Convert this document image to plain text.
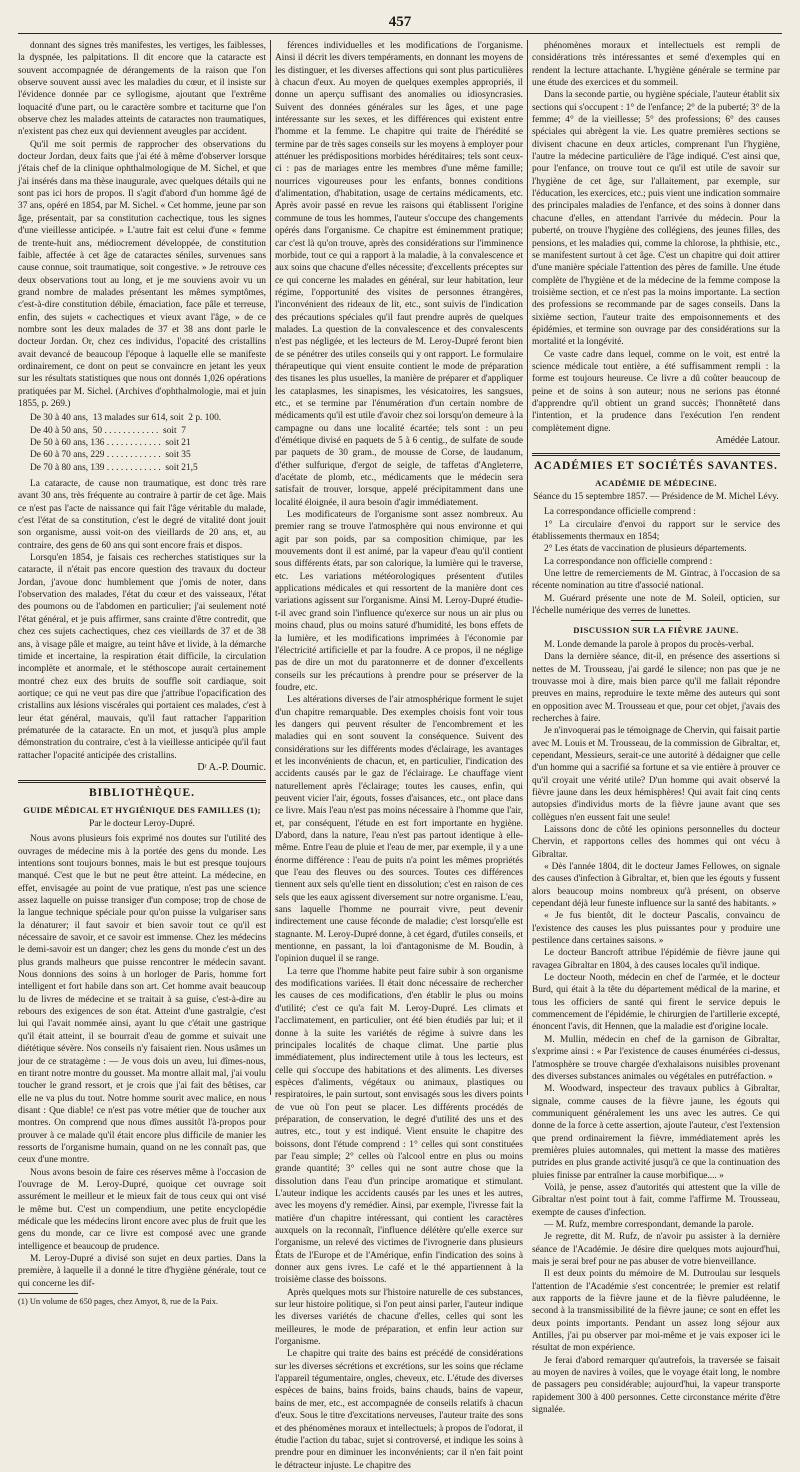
457

donnant des signes très manifestes, les vertiges, les faiblesses, la dyspnée, les palpitations. Il dit encore que la cataracte est souvent accompagnée de dérangements de la raison que l'on observe souvent aussi avec les maladies du cœur, et il insiste sur l'évidence donnée par ce syllogisme, ajoutant que l'extrême loquacité d'une part, ou le caractère sombre et taciturne que l'on observe chez les malades atteints de cataractes non traumatiques, n'existent pas chez eux qui deviennent aveugles par accident.

Qu'il me soit permis de rapprocher des observations du docteur Jordan, deux faits que j'ai été à même d'observer lorsque j'étais chef de la clinique ophthalmologique de M. Sichel, et que j'ai insérés dans ma thèse inaugurale, avec quelques détails qui ne sont pas ici hors de propos. Il s'agit d'abord d'un homme âgé de 37 ans, opéré en 1854, par M. Sichel. « Cet homme, jeune par son âge, présentait, par sa constitution cachectique, tous les signes d'une vieillesse anticipée. » L'autre fait est celui d'une « femme de trente-huit ans, médiocrement développée, de constitution faible, affectée à cet âge de cataractes séniles, survenues sans cause connue, soit traumatique, soit congestive. » Je retrouve ces deux observations tout au long, et je me souviens avoir vu un grand nombre de malades présentant les mêmes symptômes, c'est-à-dire constitution débile, émaciation, face pâle et terreuse, enfin, des sujets « cachectiques et vieux avant l'âge, » de ce nombre sont les deux malades de 37 et 38 ans dont parle le docteur Jordan. Or, chez ces individus, l'opacité des cristallins avait devancé de beaucoup l'époque à laquelle elle se manifeste ordinairement, ce dont on peut se convaincre en jetant les yeux sur les résultats statistiques que nous ont donnés 1,026 opérations pratiquées par M. Sichel. (Archives d'ophthalmologie, mai et juin 1855, p. 269.)

De 30 à 40 ans,  13 malades sur 614, soit  2 p. 100.
De 40 à 50 ans,  50 . . . . . . . . . . . .  soit  7
De 50 à 60 ans, 136 . . . . . . . . . . . .  soit 21
De 60 à 70 ans, 229 . . . . . . . . . . . .  soit 35
De 70 à 80 ans, 139 . . . . . . . . . . . .  soit 21,5

La cataracte, de cause non traumatique, est donc très rare avant 30 ans, très fréquente au contraire à partir de cet âge. Mais ce n'est pas l'acte de naissance qui fait l'âge véritable du malade, c'est l'état de sa constitution, c'est le degré de vitalité dont jouit son organisme, aussi voit-on des vieillards de 20 ans, et, au contraire, des gens de 60 ans qui sont encore frais et dispos.

Lorsqu'en 1854, je faisais ces recherches statistiques sur la cataracte, il n'était pas encore question des travaux du docteur Jordan, j'avoue donc humblement que j'omis de noter, dans l'observation des malades, l'état du cœur et des vaisseaux, l'état des poumons ou de l'abdomen en particulier; j'ai seulement noté l'état général, et je puis affirmer, sans crainte d'être contredit, que chez ces sujets cachectiques, chez ces vieillards de 37 et de 38 ans, à visage pâle et maigre, au teint hâve et livide, à la démarche timide et incertaine, la respiration était difficile, la circulation incomplète et anormale, et le stéthoscope aurait certainement montré chez eux des bruits de souffle soit cardiaque, soit aortique; ce qui ne veut pas dire que j'attribue l'opacification des cristallins aux lésions viscérales qui portaient ces malades, c'est à leur état général, mauvais, qu'il faut rattacher l'apparition prématurée de la cataracte. En un mot, et jusqu'à plus ample démonstration du contraire, c'est à la vieillesse anticipée qu'il faut rattacher l'opacité anticipée des cristallins.

Dʳ A.-P. Doumic.

BIBLIOTHÈQUE.
GUIDE MÉDICAL ET HYGIÉNIQUE DES FAMILLES (1);
Par le docteur Leroy-Dupré.

Nous avons plusieurs fois exprimé nos doutes sur l'utilité des ouvrages de médecine mis à la portée des gens du monde. Les intentions sont toujours bonnes, mais le but est presque toujours manqué. C'est que le but ne peut être atteint. La médecine, en effet, envisagée au point de vue pratique, n'est pas une science assez laquelle on puisse transiger d'un compose; trop de chose de la langue technique spéciale pour qu'on puisse la vulgariser sans la dénaturer; il faut savoir et bien savoir tout ce qu'il est nécessaire de savoir, et ce savoir est immense. Chez les médecins le demi-savoir est un danger; chez les gens du monde c'est un des plus grands malheurs que puisse rencontrer le médecin savant. Nous donnions des soins à un horloger de Paris, homme fort intelligent et fort habile dans son art. Cet homme avait beaucoup lu de livres de médecine et se traitait à sa guise, c'est-à-dire au rebours des exigences de son état. Atteint d'une gastralgie, c'est lui qui l'avait nommée ainsi, ayant lu que c'était une gastrique qu'il était atteint, il se bourrait d'eau de gomme et suivait une diététique sévère. Nos conseils n'y faisaient rien. Nous usâmes un jour de ce stratagème : — Je vous dois un aveu, lui dîmes-nous, en tirant notre montre du gousset. Ma montre allait mal, j'ai voulu toucher le grand ressort, et je crois que j'ai fait des bêtises, car elle ne va plus du tout. Notre homme sourit avec malice, en nous disant : Que diable! ce n'est pas votre métier que de toucher aux montres. On comprend que nous dîmes aussitôt l'à-propos pour prouver à ce malade qu'il était encore plus difficile de manier les ressorts de l'organisme humain, quand on ne les connaît pas, que ceux d'une montre.

Nous avons besoin de faire ces réserves même à l'occasion de l'ouvrage de M. Leroy-Dupré, quoique cet ouvrage soit assurément le meilleur et le mieux fait de tous ceux qui ont visé le même but. C'est un compendium, une petite encyclopédie médicale que les médecins liront encore avec plus de fruit que les gens du monde, car ce livre est composé avec une grande intelligence et beaucoup de prudence.

M. Leroy-Dupré a divisé son sujet en deux parties. Dans la première, à laquelle il a donné le titre d'hygiène générale, tout ce qui concerne les dif-

(1) Un volume de 650 pages, chez Amyot, 8, rue de la Paix.

férences individuelles et les modifications de l'organisme. Ainsi il décrit les divers tempéraments, en donnant les moyens de les distinguer, et les diverses affections qui sont plus particulières à chacun d'eux. Au moyen de quelques exemples appropriés, il donne un aperçu suffisant des anomalies ou idiosyncrasies. Suivent des données générales sur les âges, et une page intéressante sur les sexes, et les différences qui existent entre l'homme et la femme. Le chapitre qui traite de l'hérédité se termine par de très sages conseils sur les moyens à employer pour atténuer les prédispositions morbides héréditaires; tels sont ceux-ci : pas de mariages entre les membres d'une même famille; nourrices vigoureuses pour les enfants, bonnes conditions d'alimentation, d'habitation, usage de certains médicaments, etc. Après avoir passé en revue les raisons qui établissent l'origine commune de tous les hommes, l'auteur s'occupe des changements opérés dans l'organisme. Ce chapitre est éminemment pratique; car c'est là qu'on trouve, après des considérations sur l'imminence morbide, tout ce qui a rapport à la maladie, à la convalescence et aux soins que chacune d'elles nécessite; d'excellents préceptes sur ce qui concerne les malades en général, sur leur habitation, leur régime, l'opportunité des visites de personnes étrangères, l'inconvénient des rideaux de lit, etc., sont suivis de l'indication des précautions spéciales qu'il faut prendre auprès de quelques malades. La question de la convalescence et des convalescents n'est pas négligée, et les lecteurs de M. Leroy-Dupré feront bien de se pénétrer des utiles conseils qui y ont rapport. Le formulaire thérapeutique qui vient ensuite contient le mode de préparation des tisanes les plus usuelles, la manière de préparer et d'appliquer les cataplasmes, les sinapismes, les vésicatoires, les sangsues, etc., et se termine par l'énumération d'un certain nombre de médicaments qu'il est utile d'avoir chez soi lorsqu'on demeure à la campagne ou dans une localité écartée; tels sont : un peu d'émétique divisé en paquets de 5 à 6 centig., de sulfate de soude par paquets de 30 gram., de mousse de Corse, de laudanum, d'éther sulfurique, d'ergot de seigle, de taffetas d'Angleterre, d'acétate de plomb, etc., médicaments que le médecin sera satisfait de trouver, lorsque, appelé précipitamment dans une localité éloignée, il aura besoin d'agir immédiatement.

Les modificateurs de l'organisme sont assez nombreux. Au premier rang se trouve l'atmosphère qui nous environne et qui agit par son poids, par sa composition chimique, par les mouvements dont il est animé, par la vapeur d'eau qu'il contient sous différents états, par son calorique, la lumière qui le traverse, etc. Les variations météorologiques présentent d'utiles applications médicales et qui ressortent de la manière dont ces variations agissent sur l'organisme. Ainsi M. Leroy-Dupré étudie-t-il avec grand soin l'influence qu'exerce sur nous un air plus ou moins chaud, plus ou moins saturé d'humidité, les bons effets de la lumière, et les modifications imprimées à l'économie par l'électricité artificielle et par la foudre. A ce propos, il ne néglige pas de dire un mot du paratonnerre et de donner d'excellents conseils sur les précautions à prendre pour se préserver de la foudre, etc.

Les altérations diverses de l'air atmosphérique forment le sujet d'un chapitre remarquable. Des exemples choisis font voir tous les dangers qui peuvent résulter de l'encombrement et les maladies qui en sont souvent la conséquence. Suivent des considérations sur les différents modes d'éclairage, les avantages et les inconvénients de chacun, et, en particulier, l'indication des accidents causés par le gaz de l'éclairage. Le chauffage vient naturellement après l'éclairage; toutes les causes, enfin, qui peuvent vicier l'air, égouts, fosses d'aisances, etc., ont place dans ce livre. Mais l'eau n'est pas moins nécessaire à l'homme que l'air, et, par conséquent, l'étude en est fort importante en hygiène. D'abord, dans la nature, l'eau n'est pas partout identique à elle-même. Entre l'eau de pluie et l'eau de mer, par exemple, il y a une énorme différence : l'eau de puits n'a point les mêmes propriétés que l'eau des fleuves ou des sources. Toutes ces différences tiennent aux sels qu'elle tient en dissolution; c'est en raison de ces sels que les eaux agissent diversement sur notre organisme. L'eau, sans laquelle l'homme ne pourrait vivre, peut devenir indirectement une cause féconde de maladie; c'est lorsqu'elle est stagnante. M. Leroy-Dupré donne, à cet égard, d'utiles conseils, et mentionne, en passant, la loi d'antagonisme de M. Boudin, à l'opinion duquel il se range.

La terre que l'homme habite peut faire subir à son organisme des modifications variées. Il était donc nécessaire de rechercher les causes de ces modifications, d'en établir le plus ou moins d'utilité; c'est ce qu'a fait M. Leroy-Dupré. Les climats et l'acclimatement, en particulier, ont été bien étudiés par lui; et il donne à la suite les variétés de régime à suivre dans les principales localités de chaque climat. Une partie plus immédiatement, plus indirectement utile à tous les lecteurs, est celle qui s'occupe des habitations et des aliments. Les diverses espèces d'aliments, végétaux ou animaux, plastiques ou respiratoires, le pain surtout, sont envisagés sous les divers points de vue où l'on peut se placer. Les différents procédés de préparation, de conservation, le degré d'utilité des uns et des autres, etc., tout y est indiqué. Vient ensuite le chapitre des boissons, dont l'étude comprend : 1° celles qui sont constituées par l'eau simple; 2° celles où l'alcool entre en plus ou moins grande quantité; 3° celles qui ne sont autre chose que la dissolution dans l'eau d'un principe aromatique et stimulant. L'auteur indique les accidents causés par les unes et les autres, avec les moyens d'y remédier. Ainsi, par exemple, l'ivresse fait la matière d'un chapitre intéressant, qui contient les caractères auxquels on la reconnaît, l'influence délétère qu'elle exerce sur l'organisme, un relevé des victimes de l'ivrognerie dans plusieurs États de l'Europe et de l'Amérique, enfin l'indication des soins à donner aux gens ivres. Le café et le thé appartiennent à la troisième classe des boissons.

Après quelques mots sur l'histoire naturelle de ces substances, sur leur histoire politique, si l'on peut ainsi parler, l'auteur indique les diverses variétés de chacune d'elles, celles qui sont les meilleures, le mode de préparation, et enfin leur action sur l'organisme.

Le chapitre qui traite des bains est précédé de considérations sur les diverses sécrétions et excrétions, sur les soins que réclame l'appareil tégumentaire, ongles, cheveux, etc. L'étude des diverses espèces de bains, bains froids, bains chauds, bains de vapeur, bains de mer, etc., est accompagnée de conseils relatifs à chacun d'eux. Sous le titre d'excitations nerveuses, l'auteur traite des sons et des phénomènes moraux et intellectuels; à propos de l'odorat, il étudie l'action du tabac, sujet si controversé, et indique les soins à prendre pour en diminuer les inconvénients; car il n'en fait point le détracteur injuste. Le chapitre des

phénomènes moraux et intellectuels est rempli de considérations très intéressantes et semé d'exemples qui en rendent la lecture attachante. L'hygiène générale se termine par une étude des exercices et du sommeil.

Dans la seconde partie, ou hygiène spéciale, l'auteur établit six sections qui s'occupent : 1° de l'enfance; 2° de la puberté; 3° de la femme; 4° de la vieillesse; 5° des professions; 6° des causes spéciales qui abrègent la vie. Les quatre premières sections se divisent chacune en deux articles, comprenant l'un l'hygiène, l'autre la médecine particulière de l'âge indiqué. C'est ainsi que, pour l'enfance, on trouve tout ce qu'il est utile de savoir sur l'hygiène de cet âge, sur l'allaitement, par exemple, sur l'éducation, les exercices, etc.; puis vient une indication sommaire des principales maladies de l'enfance, et des soins à donner dans chacune d'elles, en attendant l'arrivée du médecin. Pour la puberté, on trouve l'hygiène des collégiens, des jeunes filles, des pensions, et les maladies qui, comme la chlorose, la phthisie, etc., se manifestent surtout à cet âge. C'est un chapitre qui doit attirer d'une manière spéciale l'attention des pères de famille. Une étude complète de l'hygiène et de la médecine de la femme compose la troisième section, et ce n'est pas la moins importante. La section des professions se recommande par de sages conseils. Dans la sixième section, l'auteur traite des empoisonnements et des épidémies, et termine son ouvrage par des considérations sur la mortalité et la longévité.

Ce vaste cadre dans lequel, comme on le voit, est entré la science médicale tout entière, a été suffisamment rempli : la forme est toujours heureuse. Ce livre a dû coûter beaucoup de peine et de soins à son auteur; nous ne serions pas étonné d'apprendre qu'il obtient un grand succès; l'honnêteté dans l'intention, et la prudence dans l'exécution l'en rendent complètement digne.

Amédée Latour.

ACADÉMIES ET SOCIÉTÉS SAVANTES.
ACADÉMIE DE MÉDECINE.
Séance du 15 septembre 1857. — Présidence de M. Michel Lévy.

La correspondance officielle comprend :

1° La circulaire d'envoi du rapport sur le service des établissements thermaux en 1854;

2° Les états de vaccination de plusieurs départements.

La correspondance non officielle comprend :

Une lettre de remerciements de M. Gintrac, à l'occasion de sa récente nomination au titre d'associé national.

M. Guérard présente une note de M. Soleil, opticien, sur l'échelle numérique des verres de lunettes.

DISCUSSION SUR LA FIÈVRE JAUNE.

M. Londe demande la parole à propos du procès-verbal.

Dans la dernière séance, dit-il, en présence des assertions si nettes de M. Trousseau, j'ai gardé le silence; non pas que je ne trouvasse moi à dire, mais bien parce qu'il me fallait répondre preuves en mains, reproduire le texte même des auteurs qui sont en opposition avec M. Trousseau et que, pour cet objet, j'avais des recherches à faire.

Je n'invoquerai pas le témoignage de Chervin, qui faisait partie avec M. Louis et M. Trousseau, de la commission de Gibraltar, et, cependant, Messieurs, serait-ce une autorité à dédaigner que celle d'un homme qui a sacrifié sa fortune et sa vie entière à prouver ce qu'il croyait une vérité utile? D'un homme qui avait observé la fièvre jaune dans les deux hémisphères! Qui avait fait cinq cents autopsies d'individus morts de la fièvre jaune avant que ses collègues n'en eussent fait une seule!

Laissons donc de côté les opinions personnelles du docteur Chervin, et rapportons celles des hommes qui ont vécu à Gibraltar.

« Dès l'année 1804, dit le docteur James Fellowes, on signale des causes d'infection à Gibraltar, et, bien que les égouts y fussent alors beaucoup moins nombreux qu'à présent, on observe cependant déjà leur funeste influence sur la santé des habitants. »

« Je fus bientôt, dit le docteur Pascalis, convaincu de l'existence des causes les plus puissantes pour y produire une pestilence dans certaines saisons. »

Le docteur Bancroft attribue l'épidémie de fièvre jaune qui ravagea Gibraltar en 1804, à des causes locales qu'il indique.

Le docteur Nooth, médecin en chef de l'armée, et le docteur Burd, qui était à la tête du département médical de la marine, et tous les officiers de santé qui firent le service depuis le commencement de l'épidémie, le chirurgien de l'artillerie excepté, énoncent l'avis, dit Hennen, que la maladie est d'origine locale.

M. Mullin, médecin en chef de la garnison de Gibraltar, s'exprime ainsi : « Par l'existence de causes énumérées ci-dessus, l'atmosphère se trouve chargée d'exhalaisons nuisibles provenant des diverses substances animales ou végétales en putréfaction. »

M. Woodward, inspecteur des travaux publics à Gibraltar, signale, comme causes de la fièvre jaune, les égouts qui communiquent généralement les uns avec les autres. Ce qui donne de la force à cette assertion, ajoute l'auteur, c'est l'extension que prend ordinairement la fièvre, immédiatement après les premières pluies automnales, qui mettent la masse des matières putrides en plus grande activité jusqu'à ce que la continuation des pluies finisse par entraîner la cause morbifique.... »

Voilà, je pense, assez d'autorités qui attestent que la ville de Gibraltar n'est point tout à fait, comme l'affirme M. Trousseau, exempte de causes d'infection.

— M. Rufz, membre correspondant, demande la parole.

Je regrette, dit M. Rufz, de n'avoir pu assister à la dernière séance de l'Académie. Je désire dire quelques mots aujourd'hui, mais je serai bref pour ne pas abuser de votre bienveillance.

Il est deux points du mémoire de M. Dutroulau sur lesquels l'attention de l'Académie s'est concentrée; le premier est relatif aux rapports de la fièvre jaune et de la fièvre paludéenne, le second à la transmissibilité de la fièvre jaune; ce sont en effet les deux points importants. Pendant un assez long séjour aux Antilles, j'ai pu observer par moi-même et je vais exposer ici le résultat de mon expérience.

Je ferai d'abord remarquer qu'autrefois, la traversée se faisait au moyen de navires à voiles, que le voyage était long, le nombre de passagers peu considérable; aujourd'hui, la vapeur transporte rapidement 300 à 400 personnes. Cette circonstance mérite d'être signalée.
